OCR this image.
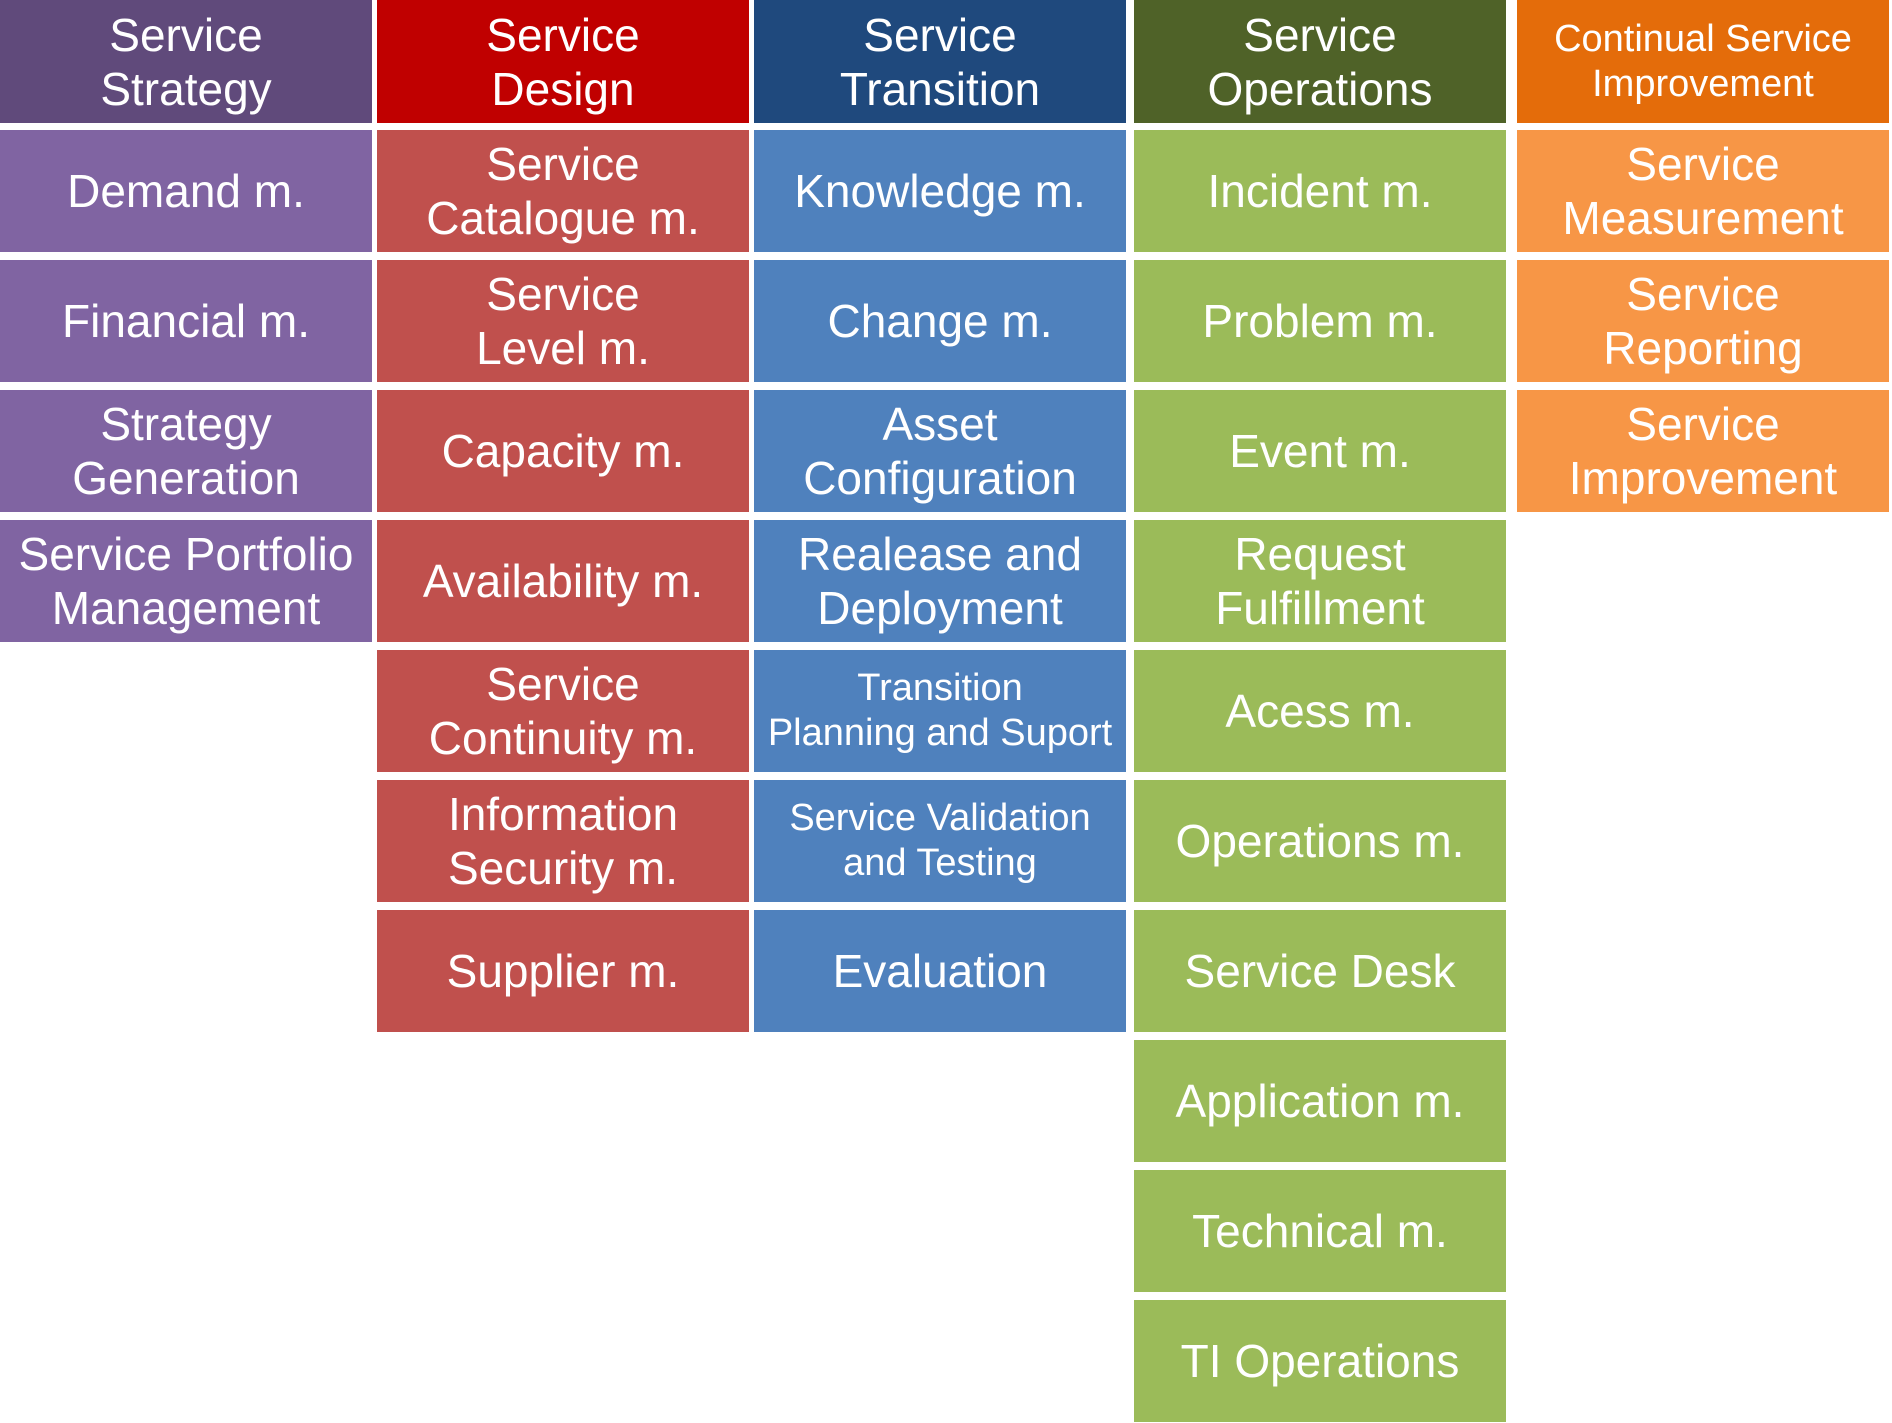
Service
Strategy
Demand m.
Financial m.
Strategy
Generation
Service Portfolio
Management
Service
Design
Service
Catalogue m.
Service
Level m.
Capacity m.
Availability m.
Service
Continuity m.
Information
Security m.
Supplier m.
Service
Transition
Knowledge m.
Change m.
Asset
Configuration
Realease and
Deployment
Transition
Planning and Suport
Service Validation
and Testing
Evaluation
Service
Operations
Incident m.
Problem m.
Event m.
Request
Fulfillment
Acess m.
Operations m.
Service Desk
Application m.
Technical m.
TI Operations
Continual Service
Improvement
Service
Measurement
Service
Reporting
Service
Improvement
